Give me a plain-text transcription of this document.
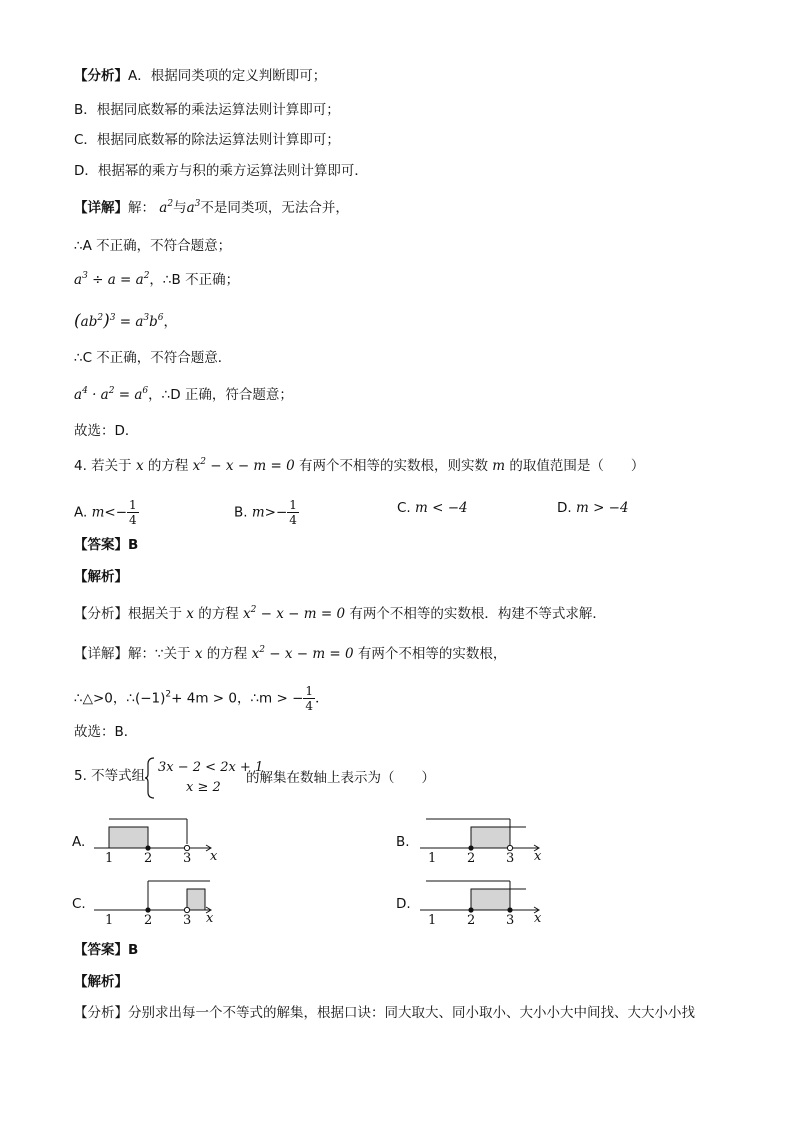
【分析】A．根据同类项的定义判断即可；
B．根据同底数幂的乘法运算法则计算即可；
C．根据同底数幂的除法运算法则计算即可；
D．根据幂的乘方与积的乘方运算法则计算即可．
【详解】解： $a^2$与$a^3$不是同类项，无法合并，
∴A 不正确，不符合题意；
$a^3 \div a = a^2$，∴B 不正确；
$(ab^2)^3 = a^3b^6$，
∴C 不正确，不符合题意．
$a^4 \cdot a^2 = a^6$，∴D 正确，符合题意；
故选：D．
4. 若关于 x 的方程 $x^2 - x - m = 0$ 有两个不相等的实数根，则实数 m 的取值范围是（　　）
A. $m<- \frac{1}{4}$	B. $m>- \frac{1}{4}$	C. m < −4	D. m > −4
【答案】B
【解析】
【分析】根据关于 x 的方程 $x^2 - x - m = 0$ 有两个不相等的实数根．构建不等式求解．
【详解】解：∵关于 x 的方程 $x^2 - x - m = 0$ 有两个不相等的实数根，
∴△>0，$\therefore(-1)^2+ 4m > 0$，∴m > − $\frac{1}{4}$ ．
故选：B．
5. 不等式组
3x − 2 < 2x + 1
x ≥ 2
的解集在数轴上表示为（　　）
A.	B.
C.	D.
1 2 3 x	1 2 3 x
1 2 3 x	1 2 3 x
【答案】B
【解析】
【分析】分别求出每一个不等式的解集，根据口诀：同大取大、同小取小、大小小大中间找、大大小小找
